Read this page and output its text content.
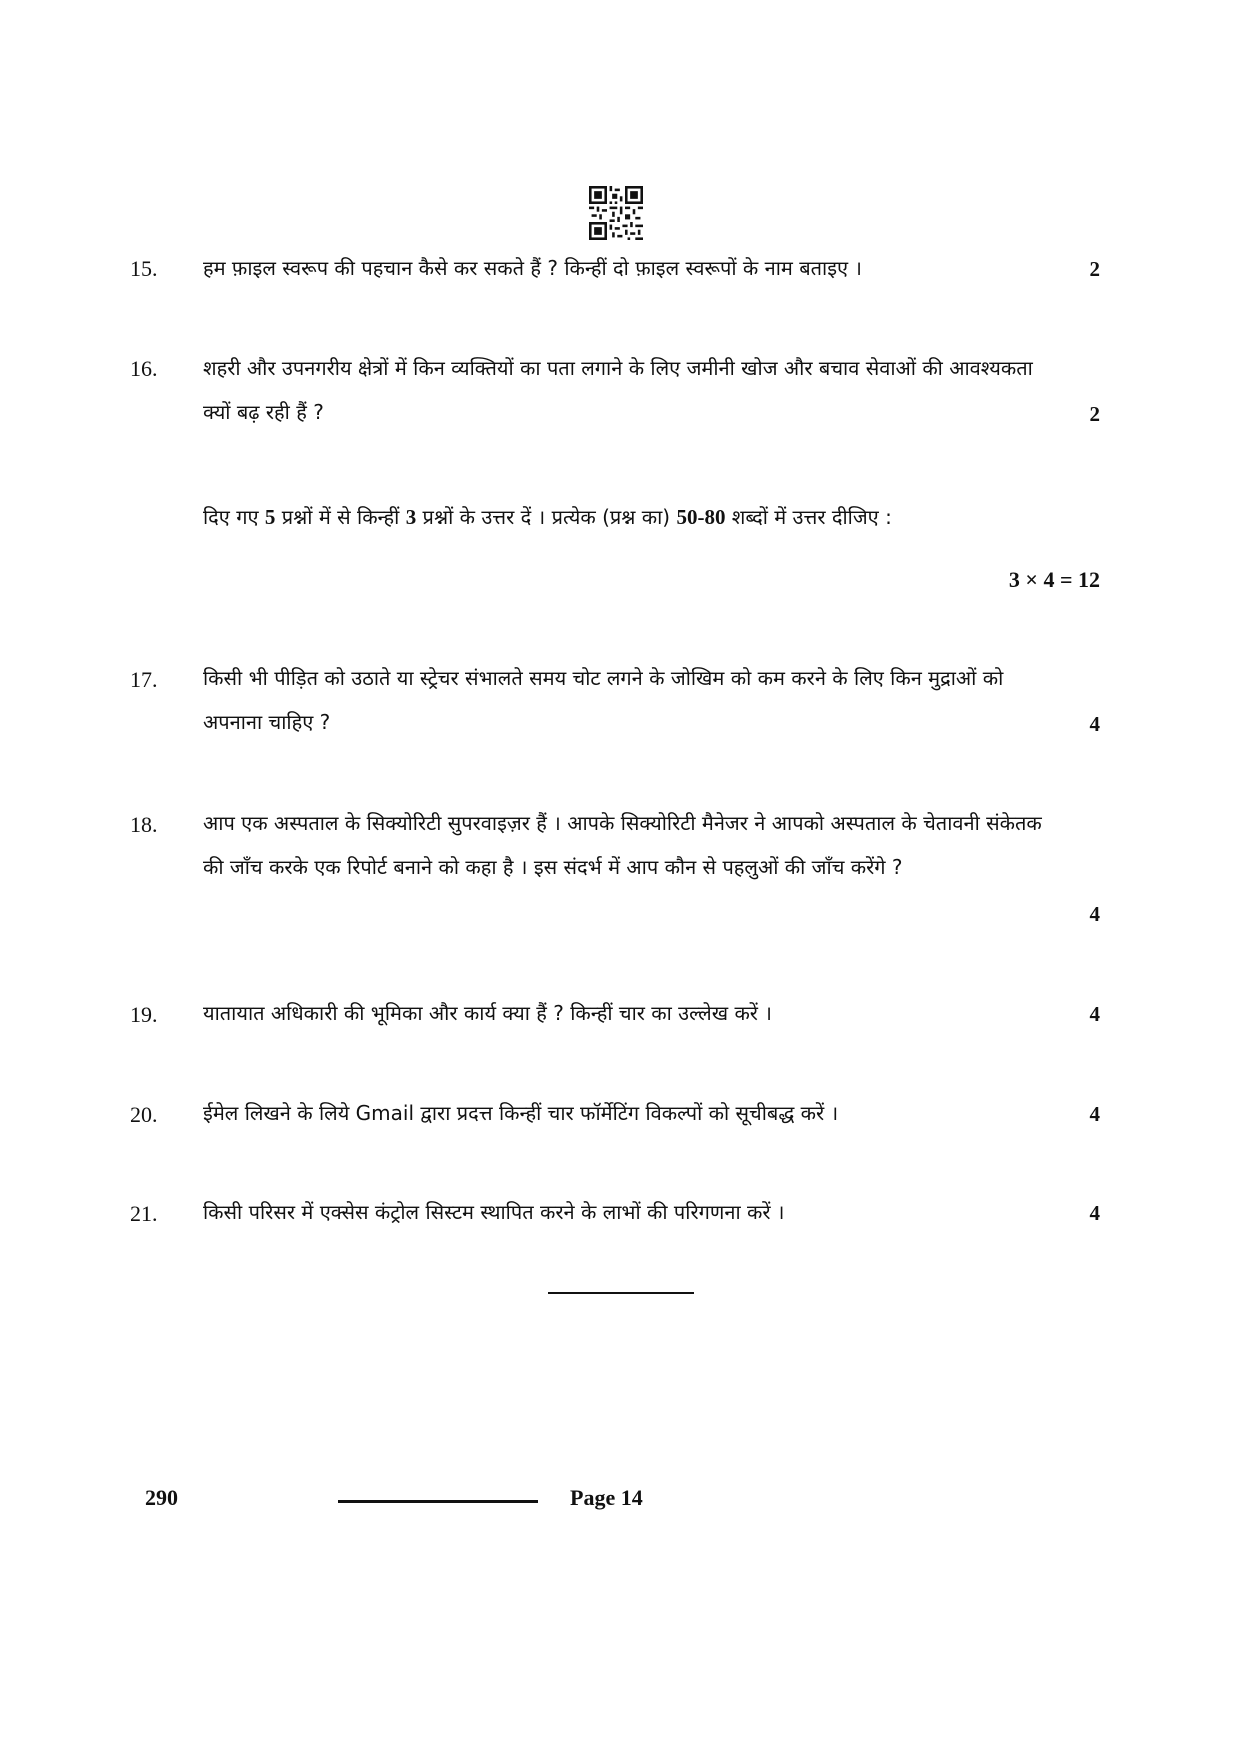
15.	हम फ़ाइल स्वरूप की पहचान कैसे कर सकते हैं ? किन्हीं दो फ़ाइल स्वरूपों के नाम बताइए ।	2
16.	शहरी और उपनगरीय क्षेत्रों में किन व्यक्तियों का पता लगाने के लिए जमीनी खोज और बचाव सेवाओं की आवश्यकता क्यों बढ़ रही हैं ?	2
दिए गए 5 प्रश्नों में से किन्हीं 3 प्रश्नों के उत्तर दें । प्रत्येक (प्रश्न का) 50-80 शब्दों में उत्तर दीजिए :
3 × 4 = 12
17.	किसी भी पीड़ित को उठाते या स्ट्रेचर संभालते समय चोट लगने के जोखिम को कम करने के लिए किन मुद्राओं को अपनाना चाहिए ?	4
18.	आप एक अस्पताल के सिक्योरिटी सुपरवाइज़र हैं । आपके सिक्योरिटी मैनेजर ने आपको अस्पताल के चेतावनी संकेतक की जाँच करके एक रिपोर्ट बनाने को कहा है । इस संदर्भ में आप कौन से पहलुओं की जाँच करेंगे ?
4
19.	यातायात अधिकारी की भूमिका और कार्य क्या हैं ? किन्हीं चार का उल्लेख करें ।	4
20.	ईमेल लिखने के लिये Gmail द्वारा प्रदत्त किन्हीं चार फॉर्मेटिंग विकल्पों को सूचीबद्ध करें ।	4
21.	किसी परिसर में एक्सेस कंट्रोल सिस्टम स्थापित करने के लाभों की परिगणना करें ।	4
290	Page 14
